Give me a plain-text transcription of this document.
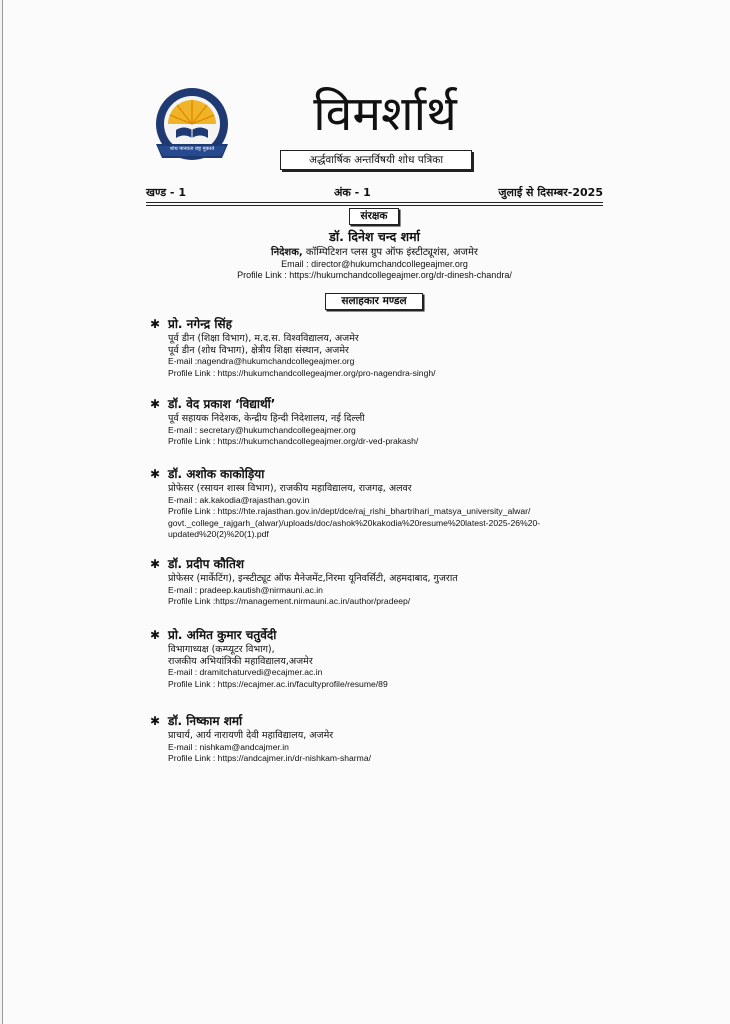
शोध मानवता राष्ट्र मुक्तये
विमर्शार्थ
अर्द्धवार्षिक अन्तर्विषयी शोध पत्रिका
खण्ड - 1	अंक - 1	जुलाई से दिसम्बर-2025
संरक्षक
डॉ. दिनेश चन्द शर्मा
निदेशक, कॉम्पिटिशन प्लस ग्रुप ऑफ इंस्टीट्यूशंस, अजमेर
Email : director@hukumchandcollegeajmer.org
Profile Link : https://hukumchandcollegeajmer.org/dr-dinesh-chandra/
सलाहकार मण्डल
✱ प्रो. नगेन्द्र सिंह
पूर्व डीन (शिक्षा विभाग), म.द.स. विश्वविद्यालय, अजमेर
पूर्व डीन (शोध विभाग), क्षेत्रीय शिक्षा संस्थान, अजमेर
E-mail :nagendra@hukumchandcollegeajmer.org
Profile Link : https://hukumchandcollegeajmer.org/pro-nagendra-singh/
✱ डॉ. वेद प्रकाश ‘विद्यार्थी’
पूर्व सहायक निदेशक, केन्द्रीय हिन्दी निदेशालय, नई दिल्ली
E-mail : secretary@hukumchandcollegeajmer.org
Profile Link : https://hukumchandcollegeajmer.org/dr-ved-prakash/
✱ डॉ. अशोक काकोड़िया
प्रोफेसर (रसायन शास्त्र विभाग), राजकीय महाविद्यालय, राजगढ़, अलवर
E-mail : ak.kakodia@rajasthan.gov.in
Profile Link : https://hte.rajasthan.gov.in/dept/dce/raj_rishi_bhartrihari_matsya_university_alwar/
govt._college_rajgarh_(alwar)/uploads/doc/ashok%20kakodia%20resume%20latest-2025-26%20-
updated%20(2)%20(1).pdf
✱ डॉ. प्रदीप कौतिश
प्रोफेसर (मार्केटिंग), इन्स्टीट्यूट ऑफ मैनेजमेंट,निरमा यूनिवर्सिटी, अहमदाबाद, गुजरात
E-mail : pradeep.kautish@nirmauni.ac.in
Profile Link :https://management.nirmauni.ac.in/author/pradeep/
✱ प्रो. अमित कुमार चतुर्वेदी
विभागाध्यक्ष (कम्प्यूटर विभाग),
राजकीय अभियांत्रिकी महाविद्यालय,अजमेर
E-mail : dramitchaturvedi@ecajmer.ac.in
Profile Link : https://ecajmer.ac.in/facultyprofile/resume/89
✱ डॉ. निष्काम शर्मा
प्राचार्य, आर्य नारायणी देवी महाविद्यालय, अजमेर
E-mail : nishkam@andcajmer.in
Profile Link : https://andcajmer.in/dr-nishkam-sharma/
